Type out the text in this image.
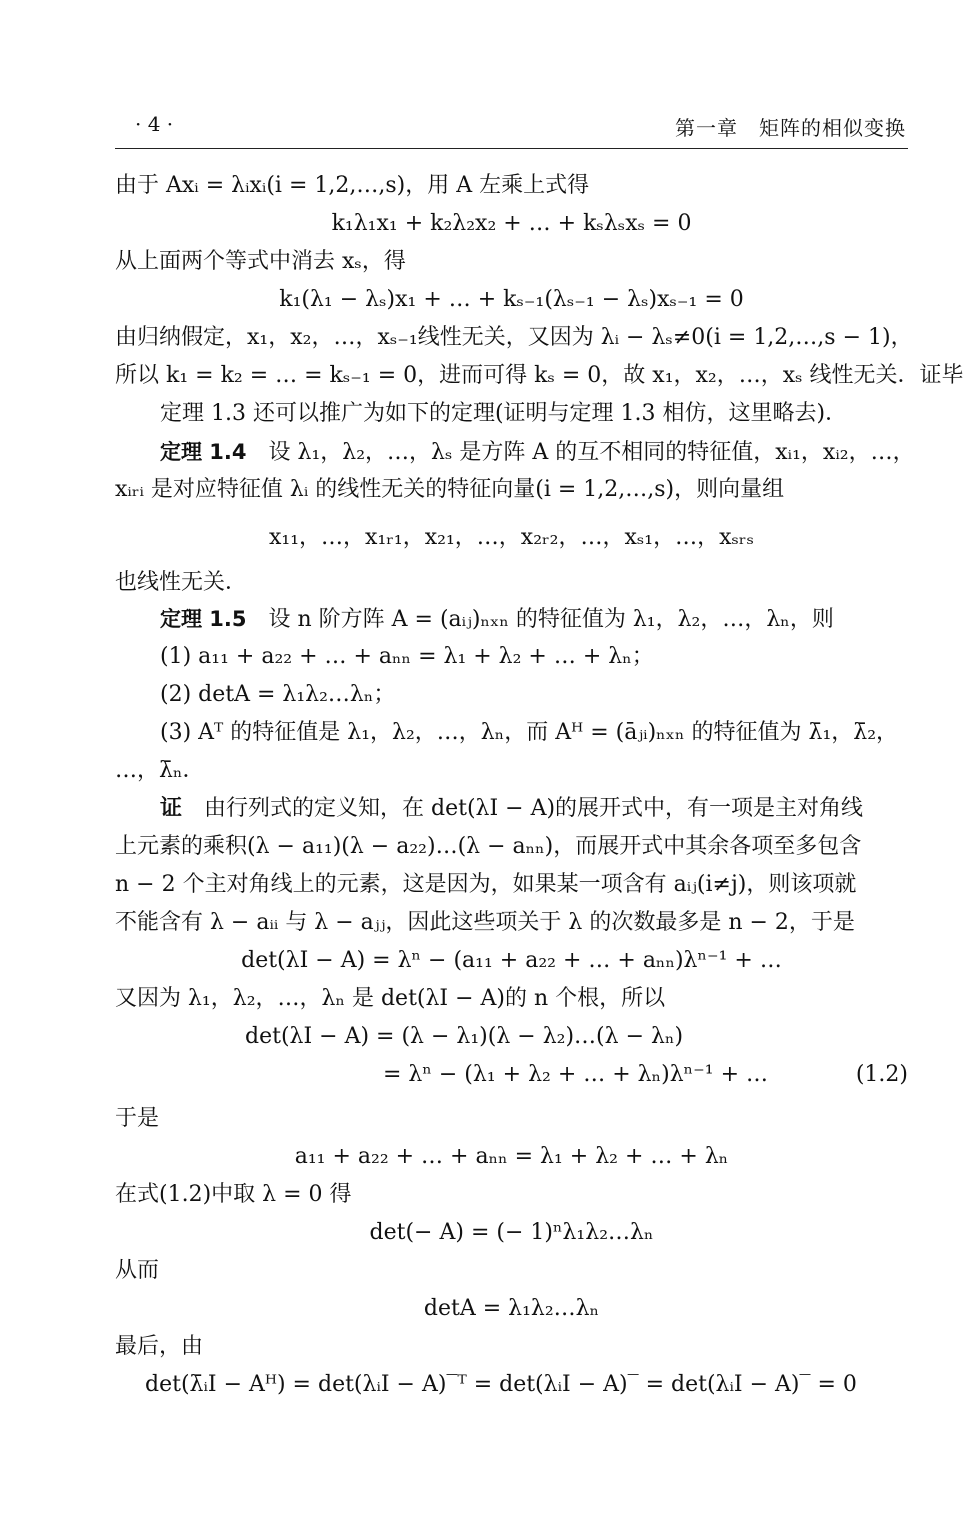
· 4 ·	第一章　矩阵的相似变换
由于 Axᵢ = λᵢxᵢ(i = 1,2,…,s)，用 A 左乘上式得
k₁λ₁x₁ + k₂λ₂x₂ + … + kₛλₛxₛ = 0
从上面两个等式中消去 xₛ，得
k₁(λ₁ − λₛ)x₁ + … + kₛ₋₁(λₛ₋₁ − λₛ)xₛ₋₁ = 0
由归纳假定，x₁，x₂，…，xₛ₋₁线性无关，又因为 λᵢ − λₛ≠0(i = 1,2,…,s − 1)，
所以 k₁ = k₂ = … = kₛ₋₁ = 0，进而可得 kₛ = 0，故 x₁，x₂，…，xₛ 线性无关．证毕
定理 1.3 还可以推广为如下的定理(证明与定理 1.3 相仿，这里略去)．
定理 1.4　设 λ₁，λ₂，…，λₛ 是方阵 A 的互不相同的特征值，xᵢ₁，xᵢ₂，…，
xᵢᵣᵢ 是对应特征值 λᵢ 的线性无关的特征向量(i = 1,2,…,s)，则向量组
x₁₁，…，x₁ᵣ₁，x₂₁，…，x₂ᵣ₂，…，xₛ₁，…，xₛᵣₛ
也线性无关．
定理 1.5　设 n 阶方阵 A = (aᵢⱼ)ₙₓₙ 的特征值为 λ₁，λ₂，…，λₙ，则
(1) a₁₁ + a₂₂ + … + aₙₙ = λ₁ + λ₂ + … + λₙ；
(2) detA = λ₁λ₂…λₙ；
(3) Aᵀ 的特征值是 λ₁，λ₂，…，λₙ，而 Aᴴ = (āⱼᵢ)ₙₓₙ 的特征值为 λ̄₁，λ̄₂，
…，λ̄ₙ．
证　由行列式的定义知，在 det(λI − A)的展开式中，有一项是主对角线
上元素的乘积(λ − a₁₁)(λ − a₂₂)…(λ − aₙₙ)，而展开式中其余各项至多包含
n − 2 个主对角线上的元素，这是因为，如果某一项含有 aᵢⱼ(i≠j)，则该项就
不能含有 λ − aᵢᵢ 与 λ − aⱼⱼ，因此这些项关于 λ 的次数最多是 n − 2，于是
det(λI − A) = λⁿ − (a₁₁ + a₂₂ + … + aₙₙ)λⁿ⁻¹ + …
又因为 λ₁，λ₂，…，λₙ 是 det(λI − A)的 n 个根，所以
det(λI − A) = (λ − λ₁)(λ − λ₂)…(λ − λₙ)
= λⁿ − (λ₁ + λ₂ + … + λₙ)λⁿ⁻¹ + …	(1.2)
于是
a₁₁ + a₂₂ + … + aₙₙ = λ₁ + λ₂ + … + λₙ
在式(1.2)中取 λ = 0 得
det(− A) = (− 1)ⁿλ₁λ₂…λₙ
从而
detA = λ₁λ₂…λₙ
最后，由
det(λ̄ᵢI − Aᴴ) = det(λᵢI − A)‾ᵀ = det(λᵢI − A)‾ = det(λᵢI − A)‾ = 0
